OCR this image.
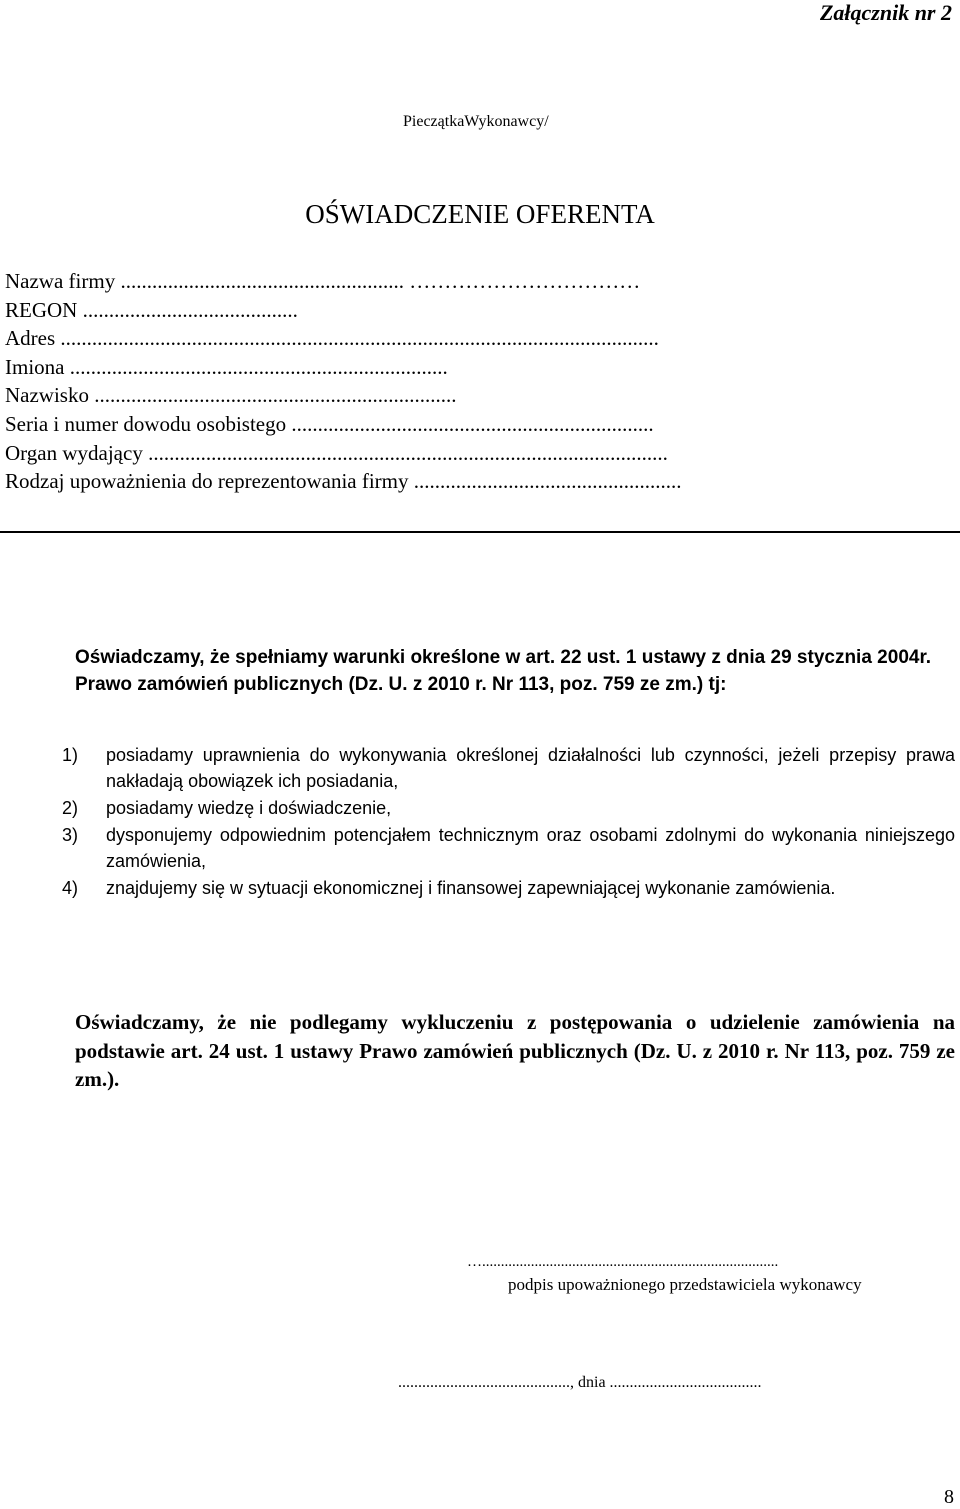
Załącznik nr 2
PieczątkaWykonawcy/
OŚWIADCZENIE OFERENTA
Nazwa firmy ...................................................... ……………………………
REGON .........................................
Adres ..................................................................................................................
Imiona ........................................................................
Nazwisko .....................................................................
Seria i numer dowodu osobistego .....................................................................
Organ wydający ...................................................................................................
Rodzaj upoważnienia do reprezentowania firmy ...................................................
Oświadczamy, że spełniamy warunki określone w art. 22 ust. 1 ustawy z dnia 29 stycznia 2004r. Prawo zamówień publicznych (Dz. U. z 2010 r. Nr 113, poz. 759 ze zm.) tj:
1) posiadamy uprawnienia do wykonywania określonej działalności lub czynności, jeżeli przepisy prawa nakładają obowiązek ich posiadania,
2) posiadamy wiedzę i doświadczenie,
3) dysponujemy odpowiednim potencjałem technicznym oraz osobami zdolnymi do wykonania niniejszego zamówienia,
4) znajdujemy się w sytuacji ekonomicznej i finansowej zapewniającej wykonanie zamówienia.
Oświadczamy, że nie podlegamy wykluczeniu z postępowania o udzielenie zamówienia na podstawie art. 24 ust. 1 ustawy Prawo zamówień publicznych (Dz. U. z 2010 r. Nr 113, poz. 759 ze zm.).
…...............................................................................
podpis upoważnionego przedstawiciela wykonawcy
..........................................., dnia ......................................
8
